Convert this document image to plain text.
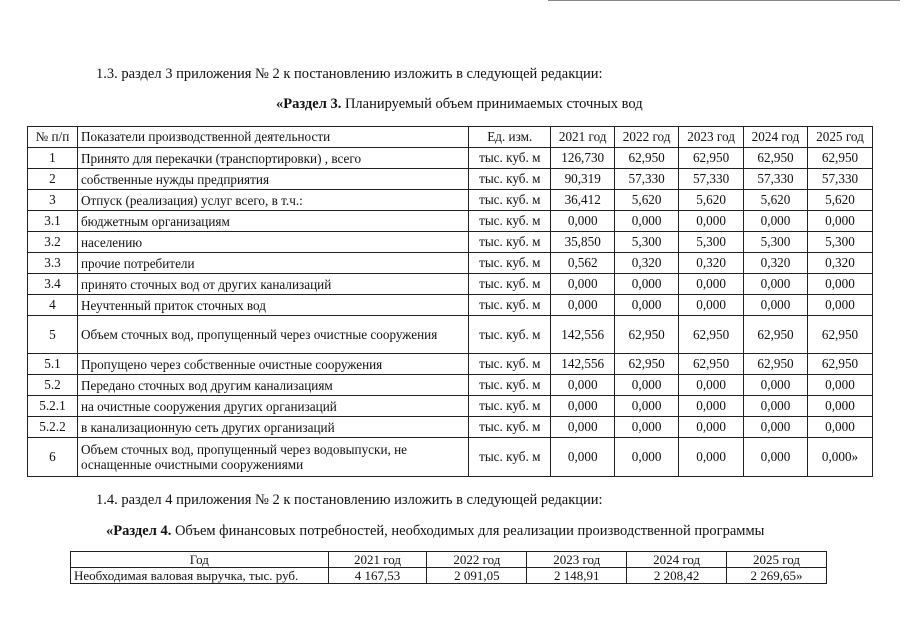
1.3. раздел 3 приложения № 2 к постановлению изложить в следующей редакции:
«Раздел 3. Планируемый объем принимаемых сточных вод
№ п/п	Показатели производственной деятельности	Ед. изм.	2021 год	2022 год	2023 год	2024 год	2025 год
1	Принято для перекачки (транспортировки) , всего	тыс. куб. м	126,730	62,950	62,950	62,950	62,950
2	собственные нужды предприятия	тыс. куб. м	90,319	57,330	57,330	57,330	57,330
3	Отпуск (реализация) услуг всего, в т.ч.:	тыс. куб. м	36,412	5,620	5,620	5,620	5,620
3.1	бюджетным организациям	тыс. куб. м	0,000	0,000	0,000	0,000	0,000
3.2	населению	тыс. куб. м	35,850	5,300	5,300	5,300	5,300
3.3	прочие потребители	тыс. куб. м	0,562	0,320	0,320	0,320	0,320
3.4	принято сточных вод от других канализаций	тыс. куб. м	0,000	0,000	0,000	0,000	0,000
4	Неучтенный приток сточных вод	тыс. куб. м	0,000	0,000	0,000	0,000	0,000
5	Объем сточных вод, пропущенный через очистные сооружения	тыс. куб. м	142,556	62,950	62,950	62,950	62,950
5.1	Пропущено через собственные очистные сооружения	тыс. куб. м	142,556	62,950	62,950	62,950	62,950
5.2	Передано сточных вод другим канализациям	тыс. куб. м	0,000	0,000	0,000	0,000	0,000
5.2.1	на очистные сооружения других организаций	тыс. куб. м	0,000	0,000	0,000	0,000	0,000
5.2.2	в канализационную сеть других организаций	тыс. куб. м	0,000	0,000	0,000	0,000	0,000
6	Объем сточных вод, пропущенный через водовыпуски, не оснащенные очистными сооружениями	тыс. куб. м	0,000	0,000	0,000	0,000	0,000»
1.4. раздел 4 приложения № 2 к постановлению изложить в следующей редакции:
«Раздел 4. Объем финансовых потребностей, необходимых для реализации производственной программы
Год	2021 год	2022 год	2023 год	2024 год	2025 год
Необходимая валовая выручка, тыс. руб.	4 167,53	2 091,05	2 148,91	2 208,42	2 269,65»
